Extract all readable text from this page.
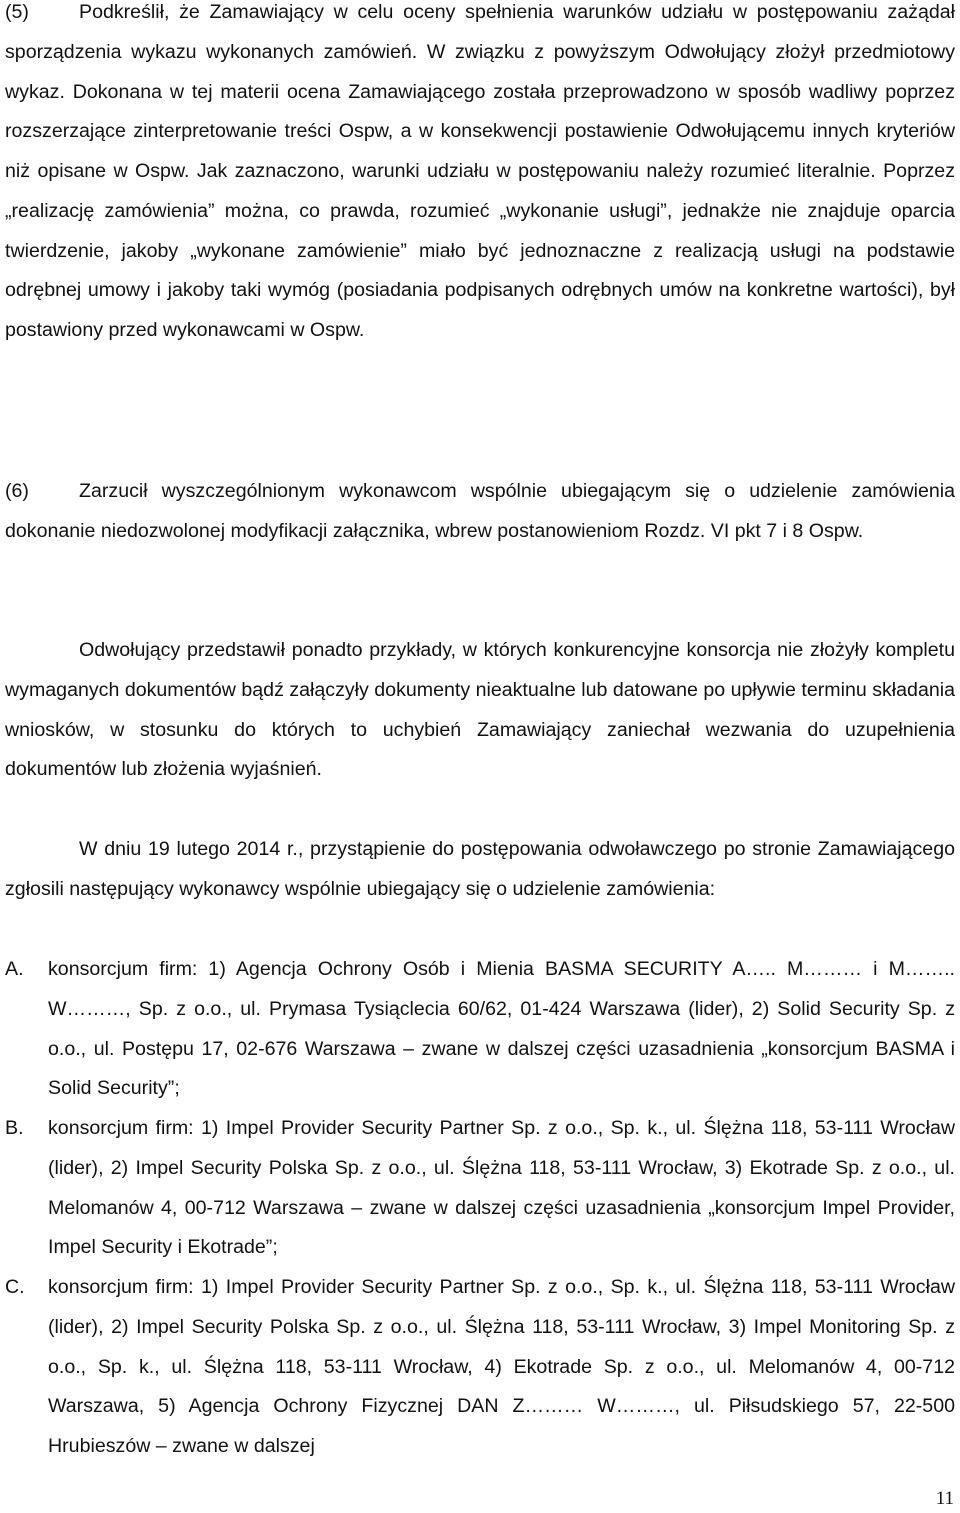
(5)	Podkreślił, że Zamawiający w celu oceny spełnienia warunków udziału w postępowaniu zażądał sporządzenia wykazu wykonanych zamówień. W związku z powyższym Odwołujący złożył przedmiotowy wykaz. Dokonana w tej materii ocena Zamawiającego została przeprowadzono w sposób wadliwy poprzez rozszerzające zinterpretowanie treści Ospw, a w konsekwencji postawienie Odwołującemu innych kryteriów niż opisane w Ospw. Jak zaznaczono, warunki udziału w postępowaniu należy rozumieć literalnie. Poprzez „realizację zamówienia” można, co prawda, rozumieć „wykonanie usługi”, jednakże nie znajduje oparcia twierdzenie, jakoby „wykonane zamówienie” miało być jednoznaczne z realizacją usługi na podstawie odrębnej umowy i jakoby taki wymóg (posiadania podpisanych odrębnych umów na konkretne wartości), był postawiony przed wykonawcami w Ospw.

(6)	Zarzucił wyszczególnionym wykonawcom wspólnie ubiegającym się o udzielenie zamówienia dokonanie niedozwolonej modyfikacji załącznika, wbrew postanowieniom Rozdz. VI pkt 7 i 8 Ospw.

Odwołujący przedstawił ponadto przykłady, w których konkurencyjne konsorcja nie złożyły kompletu wymaganych dokumentów bądź załączyły dokumenty nieaktualne lub datowane po upływie terminu składania wniosków, w stosunku do których to uchybień Zamawiający zaniechał wezwania do uzupełnienia dokumentów lub złożenia wyjaśnień.

W dniu 19 lutego 2014 r., przystąpienie do postępowania odwoławczego po stronie Zamawiającego zgłosili następujący wykonawcy wspólnie ubiegający się o udzielenie zamówienia:

A. konsorcjum firm: 1) Agencja Ochrony Osób i Mienia BASMA SECURITY A….. M……… i M…….. W………, Sp. z o.o., ul. Prymasa Tysiąclecia 60/62, 01-424 Warszawa (lider), 2) Solid Security Sp. z o.o., ul. Postępu 17, 02-676 Warszawa – zwane w dalszej części uzasadnienia „konsorcjum BASMA i Solid Security”;
B. konsorcjum firm: 1) Impel Provider Security Partner Sp. z o.o., Sp. k., ul. Ślężna 118, 53-111 Wrocław (lider), 2) Impel Security Polska Sp. z o.o., ul. Ślężna 118, 53-111 Wrocław, 3) Ekotrade Sp. z o.o., ul. Melomanów 4, 00-712 Warszawa – zwane w dalszej części uzasadnienia „konsorcjum Impel Provider, Impel Security i Ekotrade”;
C. konsorcjum firm: 1) Impel Provider Security Partner Sp. z o.o., Sp. k., ul. Ślężna 118, 53-111 Wrocław (lider), 2) Impel Security Polska Sp. z o.o., ul. Ślężna 118, 53-111 Wrocław, 3) Impel Monitoring Sp. z o.o., Sp. k., ul. Ślężna 118, 53-111 Wrocław, 4) Ekotrade Sp. z o.o., ul. Melomanów 4, 00-712 Warszawa, 5) Agencja Ochrony Fizycznej DAN Z……… W………, ul. Piłsudskiego 57, 22-500 Hrubieszów – zwane w dalszej
11
